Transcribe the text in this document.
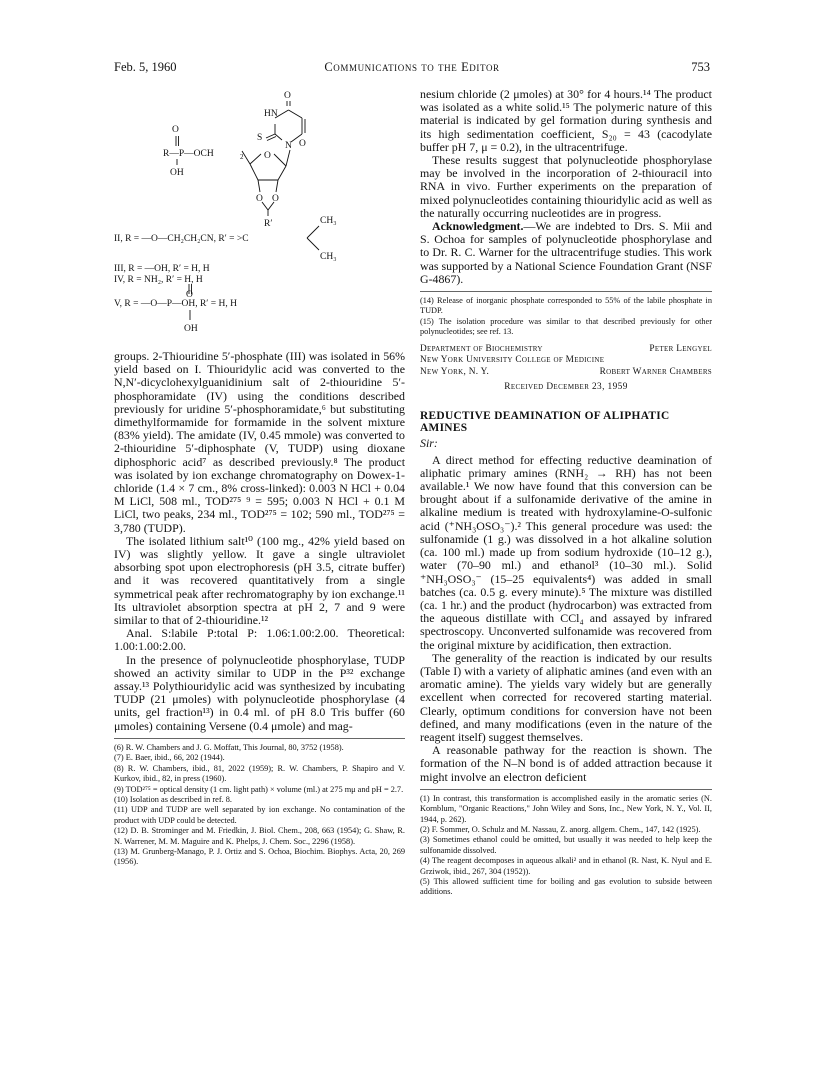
Feb. 5, 1960	Communications to the Editor	753
O
HN
O
S
N
O
R—P—OCH	2
OH
O
O O
R′	CH₃
II, R = —O—CH₂CH₂CN, R′ = >C
CH₃
III, R = —OH, R′ = H, H
IV, R = NH₂, R′ = H, H
O
V, R = —O—P—OH, R′ = H, H
OH

groups. 2-Thiouridine 5′-phosphate (III) was isolated in 56% yield based on I. Thiouridylic acid was converted to the N,N′-dicyclohexylguanidinium salt of 2-thiouridine 5′-phosphoramidate (IV) using the conditions described previously for uridine 5′-phosphoramidate,⁶ but substituting dimethylformamide for formamide in the solvent mixture (83% yield). The amidate (IV, 0.45 mmole) was converted to 2-thiouridine 5′-diphosphate (V, TUDP) using dioxane diphosphoric acid⁷ as described previously.⁸ The product was isolated by ion exchange chromatography on Dowex-1-chloride (1.4 × 7 cm., 8% cross-linked): 0.003 N HCl + 0.04 M LiCl, 508 ml., TOD²⁷⁵ ⁹ = 595; 0.003 N HCl + 0.1 M LiCl, two peaks, 234 ml., TOD²⁷⁵ = 102; 590 ml., TOD²⁷⁵ = 3,780 (TUDP).

The isolated lithium salt¹⁰ (100 mg., 42% yield based on IV) was slightly yellow. It gave a single ultraviolet absorbing spot upon electrophoresis (pH 3.5, citrate buffer) and it was recovered quantitatively from a single symmetrical peak after rechromatography by ion exchange.¹¹ Its ultraviolet absorption spectra at pH 2, 7 and 9 were similar to that of 2-thiouridine.¹²

Anal. S:labile P:total P: 1.06:1.00:2.00. Theoretical: 1.00:1.00:2.00.

In the presence of polynucleotide phosphorylase, TUDP showed an activity similar to UDP in the P³² exchange assay.¹³ Polythiouridylic acid was synthesized by incubating TUDP (21 μmoles) with polynucleotide phosphorylase (4 units, gel fraction¹³) in 0.4 ml. of pH 8.0 Tris buffer (60 μmoles) containing Versene (0.4 μmole) and mag-

(6) R. W. Chambers and J. G. Moffatt, This Journal, 80, 3752 (1958).

(7) E. Baer, ibid., 66, 202 (1944).

(8) R. W. Chambers, ibid., 81, 2022 (1959); R. W. Chambers, P. Shapiro and V. Kurkov, ibid., 82, in press (1960).

(9) TOD²⁷⁵ = optical density (1 cm. light path) × volume (ml.) at 275 mμ and pH = 2.7.

(10) Isolation as described in ref. 8.

(11) UDP and TUDP are well separated by ion exchange. No contamination of the product with UDP could be detected.

(12) D. B. Strominger and M. Friedkin, J. Biol. Chem., 208, 663 (1954); G. Shaw, R. N. Warrener, M. M. Maguire and K. Phelps, J. Chem. Soc., 2296 (1958).

(13) M. Grunberg-Manago, P. J. Ortiz and S. Ochoa, Biochim. Biophys. Acta, 20, 269 (1956).

nesium chloride (2 μmoles) at 30° for 4 hours.¹⁴ The product was isolated as a white solid.¹⁵ The polymeric nature of this material is indicated by gel formation during synthesis and its high sedimentation coefficient, S₂₀ = 43 (cacodylate buffer pH 7, μ = 0.2), in the ultracentrifuge.

These results suggest that polynucleotide phosphorylase may be involved in the incorporation of 2-thiouracil into RNA in vivo. Further experiments on the preparation of mixed polynucleotides containing thiouridylic acid as well as the naturally occurring nucleotides are in progress.

Acknowledgment.—We are indebted to Drs. S. Mii and S. Ochoa for samples of polynucleotide phosphorylase and to Dr. R. C. Warner for the ultracentrifuge studies. This work was supported by a National Science Foundation Grant (NSF G-4867).

(14) Release of inorganic phosphate corresponded to 55% of the labile phosphate in TUDP.

(15) The isolation procedure was similar to that described previously for other polynucleotides; see ref. 13.

Department of Biochemistry	Peter Lengyel
New York University College of Medicine
New York, N. Y.	Robert Warner Chambers
Received December 23, 1959
REDUCTIVE DEAMINATION OF ALIPHATIC AMINES
Sir:

A direct method for effecting reductive deamination of aliphatic primary amines (RNH₂ → RH) has not been available.¹ We now have found that this conversion can be brought about if a sulfonamide derivative of the amine in alkaline medium is treated with hydroxylamine-O-sulfonic acid (⁺NH₃OSO₃⁻).² This general procedure was used: the sulfonamide (1 g.) was dissolved in a hot alkaline solution (ca. 100 ml.) made up from sodium hydroxide (10–12 g.), water (70–90 ml.) and ethanol³ (10–30 ml.). Solid ⁺NH₃OSO₃⁻ (15–25 equivalents⁴) was added in small batches (ca. 0.5 g. every minute).⁵ The mixture was distilled (ca. 1 hr.) and the product (hydrocarbon) was extracted from the aqueous distillate with CCl₄ and assayed by infrared spectroscopy. Unconverted sulfonamide was recovered from the original mixture by acidification, then extraction.

The generality of the reaction is indicated by our results (Table I) with a variety of aliphatic amines (and even with an aromatic amine). The yields vary widely but are generally excellent when corrected for recovered starting material. Clearly, optimum conditions for conversion have not been defined, and many modifications (even in the nature of the reagent itself) suggest themselves.

A reasonable pathway for the reaction is shown. The formation of the N–N bond is of added attraction because it might involve an electron deficient

(1) In contrast, this transformation is accomplished easily in the aromatic series (N. Kornblum, "Organic Reactions," John Wiley and Sons, Inc., New York, N. Y., Vol. II, 1944, p. 262).

(2) F. Sommer, O. Schulz and M. Nassau, Z. anorg. allgem. Chem., 147, 142 (1925).

(3) Sometimes ethanol could be omitted, but usually it was needed to help keep the sulfonamide dissolved.

(4) The reagent decomposes in aqueous alkali² and in ethanol (R. Nast, K. Nyul and E. Grziwok, ibid., 267, 304 (1952)).

(5) This allowed sufficient time for boiling and gas evolution to subside between additions.
